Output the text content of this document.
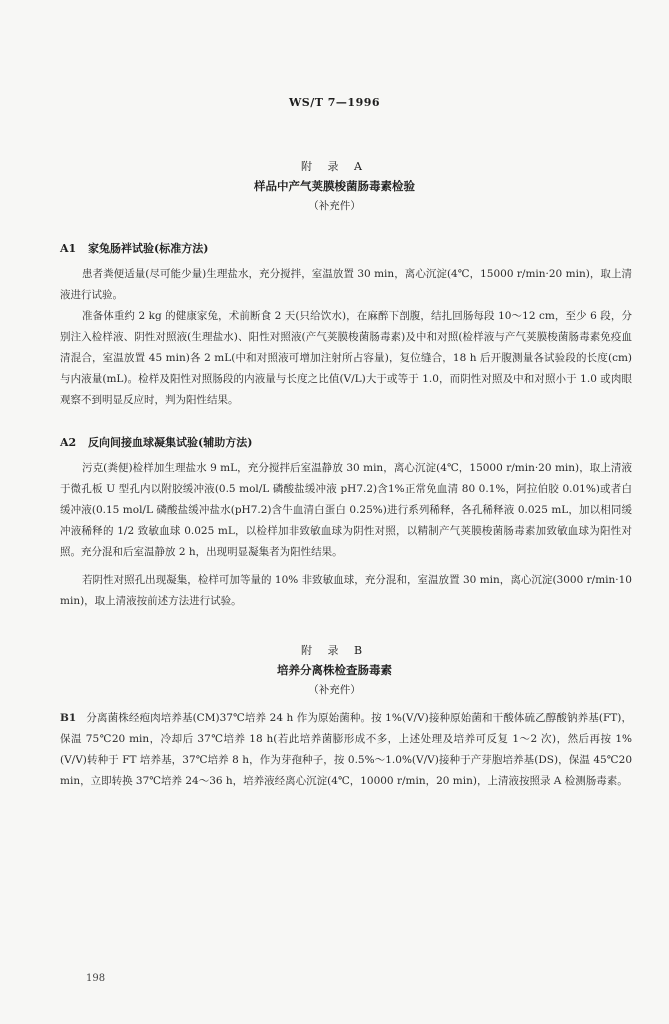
WS/T 7—1996
附 录 A
样品中产气荚膜梭菌肠毒素检验
（补充件）
A1 家兔肠袢试验(标准方法)
患者粪便适量(尽可能少量)生理盐水，充分搅拌，室温放置 30 min，离心沉淀(4℃，15000 r/min·20 min)，取上清液进行试验。
准备体重约 2 kg 的健康家兔，术前断食 2 天(只给饮水)，在麻醉下剖腹，结扎回肠每段 10～12 cm，至少 6 段，分别注入检样液、阴性对照液(生理盐水)、阳性对照液(产气荚膜梭菌肠毒素)及中和对照(检样液与产气荚膜梭菌肠毒素免疫血清混合，室温放置 45 min)各 2 mL(中和对照液可增加注射所占容量)，复位缝合，18 h 后开腹测量各试验段的长度(cm)与内液量(mL)。检样及阳性对照肠段的内液量与长度之比值(V/L)大于或等于 1.0，而阴性对照及中和对照小于 1.0 或肉眼观察不到明显反应时，判为阳性结果。
A2 反向间接血球凝集试验(辅助方法)
污克(粪便)检样加生理盐水 9 mL，充分搅拌后室温静放 30 min，离心沉淀(4℃，15000 r/min·20 min)，取上清液于微孔板 U 型孔内以附胶缓冲液(0.5 mol/L 磷酸盐缓冲液 pH7.2)含1%正常免血清 80 0.1%，阿拉伯胶 0.01%)或者白缓冲液(0.15 mol/L 磷酸盐缓冲盐水(pH7.2)含牛血清白蛋白 0.25%)进行系列稀释，各孔稀释液 0.025 mL，加以相同缓冲液稀释的 1/2 致敏血球 0.025 mL，以检样加非致敏血球为阴性对照，以精制产气荚膜梭菌肠毒素加致敏血球为阳性对照。充分混和后室温静放 2 h，出现明显凝集者为阳性结果。
若阴性对照孔出现凝集，检样可加等量的 10% 非致敏血球，充分混和，室温放置 30 min，离心沉淀(3000 r/min·10 min)，取上清液按前述方法进行试验。
附 录 B
培养分离株检查肠毒素
（补充件）
B1 分离菌株经疱肉培养基(CM)37℃培养 24 h 作为原始菌种。按 1%(V/V)接种原始菌和干酸体硫乙醇酸钠养基(FT)，保温 75℃20 min，冷却后 37℃培养 18 h(若此培养菌膨形成不多，上述处理及培养可反复 1～2 次)，然后再按 1%(V/V)转种于 FT 培养基，37℃培养 8 h，作为芽孢种子，按 0.5%～1.0%(V/V)接种于产芽胞培养基(DS)，保温 45℃20 min，立即转换 37℃培养 24～36 h，培养液经离心沉淀(4℃，10000 r/min，20 min)，上清液按照录 A 检测肠毒素。
198
